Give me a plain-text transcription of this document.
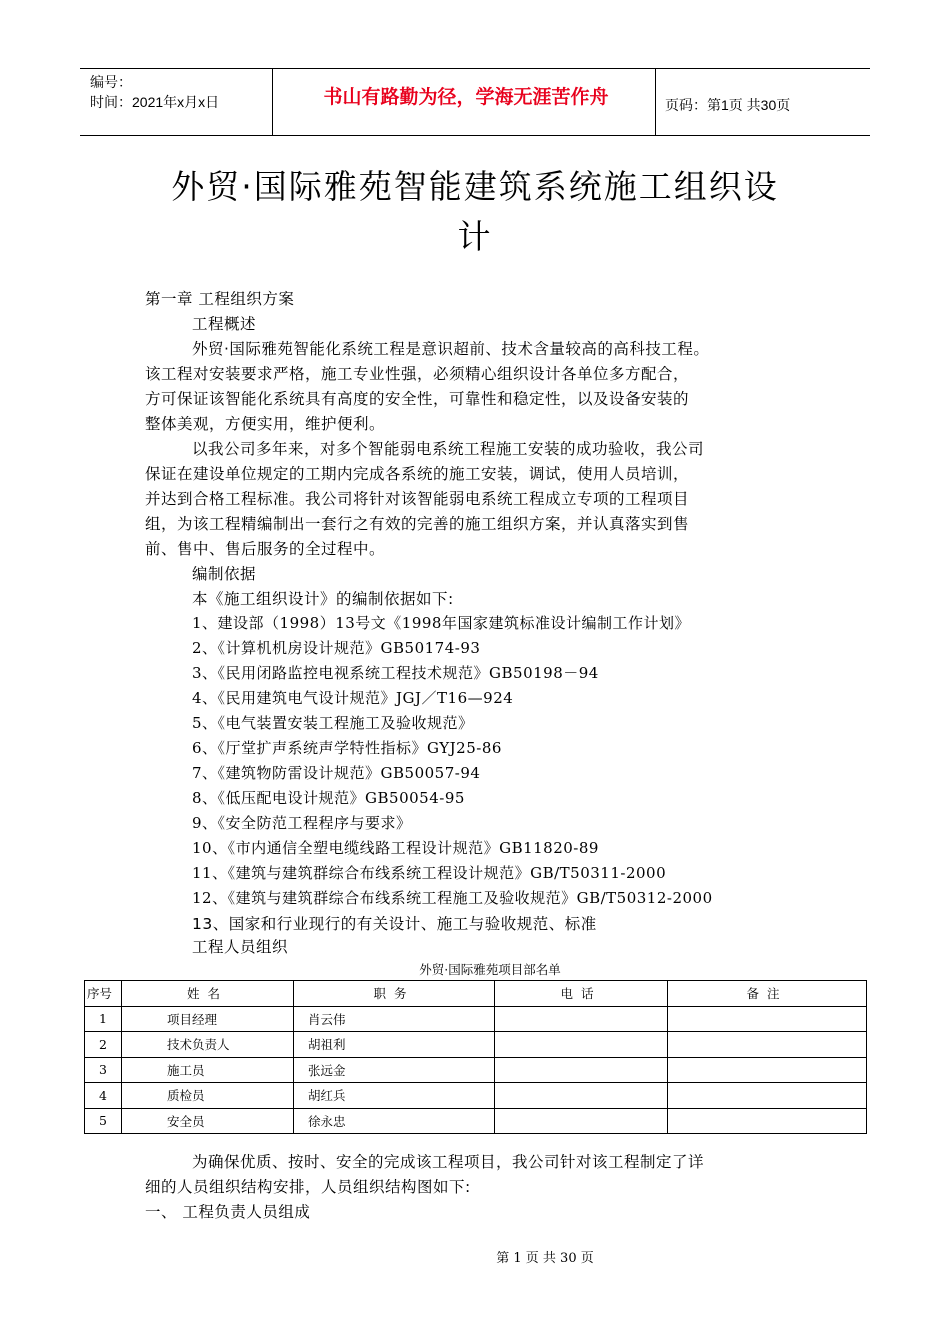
编号：
时间：2021年x月x日	书山有路勤为径，学海无涯苦作舟	页码：第1页 共30页
外贸·国际雅苑智能建筑系统施工组织设
计
第一章 工程组织方案
工程概述
外贸·国际雅苑智能化系统工程是意识超前、技术含量较高的高科技工程。
该工程对安装要求严格，施工专业性强，必须精心组织设计各单位多方配合，
方可保证该智能化系统具有高度的安全性，可靠性和稳定性，以及设备安装的
整体美观，方便实用，维护便利。
以我公司多年来，对多个智能弱电系统工程施工安装的成功验收，我公司
保证在建设单位规定的工期内完成各系统的施工安装，调试，使用人员培训，
并达到合格工程标准。我公司将针对该智能弱电系统工程成立专项的工程项目
组，为该工程精编制出一套行之有效的完善的施工组织方案，并认真落实到售
前、售中、售后服务的全过程中。
编制依据
本《施工组织设计》的编制依据如下:
1、建设部（1998）13号文《1998年国家建筑标准设计编制工作计划》
2、《计算机机房设计规范》GB50174-93
3、《民用闭路监控电视系统工程技术规范》GB50198－94
4、《民用建筑电气设计规范》JGJ／T16—924
5、《电气装置安装工程施工及验收规范》
6、《厅堂扩声系统声学特性指标》GYJ25-86
7、《建筑物防雷设计规范》GB50057-94
8、《低压配电设计规范》GB50054-95
9、《安全防范工程程序与要求》
10、《市内通信全塑电缆线路工程设计规范》GB11820-89
11、《建筑与建筑群综合布线系统工程设计规范》GB/T50311-2000
12、《建筑与建筑群综合布线系统工程施工及验收规范》GB/T50312-2000
13、国家和行业现行的有关设计、施工与验收规范、标准
工程人员组织
外贸·国际雅苑项目部名单
序号	姓名	职务	电话	备注
1	项目经理	肖云伟		
2	技术负责人	胡祖利		
3	施工员	张远金		
4	质检员	胡红兵		
5	安全员	徐永忠		
为确保优质、按时、安全的完成该工程项目，我公司针对该工程制定了详
细的人员组织结构安排，人员组织结构图如下:
一、 工程负责人员组成
第 1 页 共 30 页
